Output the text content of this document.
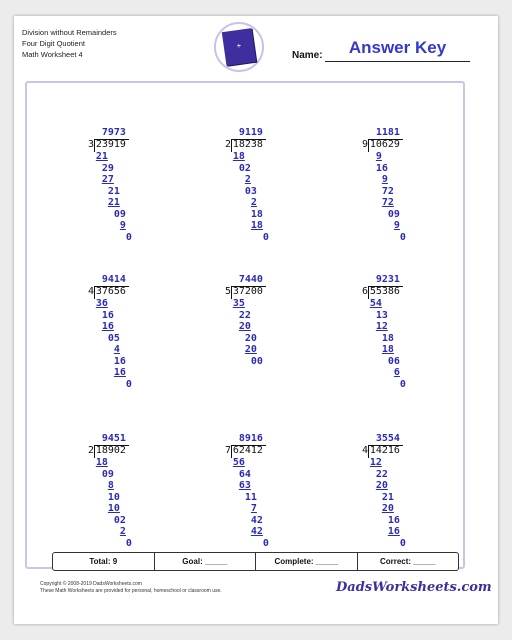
Division without Remainders
Four Digit Quotient
Math Worksheet 4
÷	Answer Key
Name:
7973
3 23919
21
29
27
21
21
09
9
0
9119
2 18238
18
02
2
03
2
18
18
0
1181
9 10629
9
16
9
72
72
09
9
0
9414
4 37656
36
16
16
05
4
16
16
0
7440
5 37200
35
22
20
20
20
00
9231
6 55386
54
13
12
18
18
06
6
0
9451
2 18902
18
09
8
10
10
02
2
0
8916
7 62412
56
64
63
11
7
42
42
0
3554
4 14216
12
22
20
21
20
16
16
0
Total: 9	Goal: _____	Complete: _____	Correct: _____
Copyright © 2008-2019 DadsWorksheets.com
These Math Worksheets are provided for personal, homeschool or classroom use.	DadsWorksheets.com
